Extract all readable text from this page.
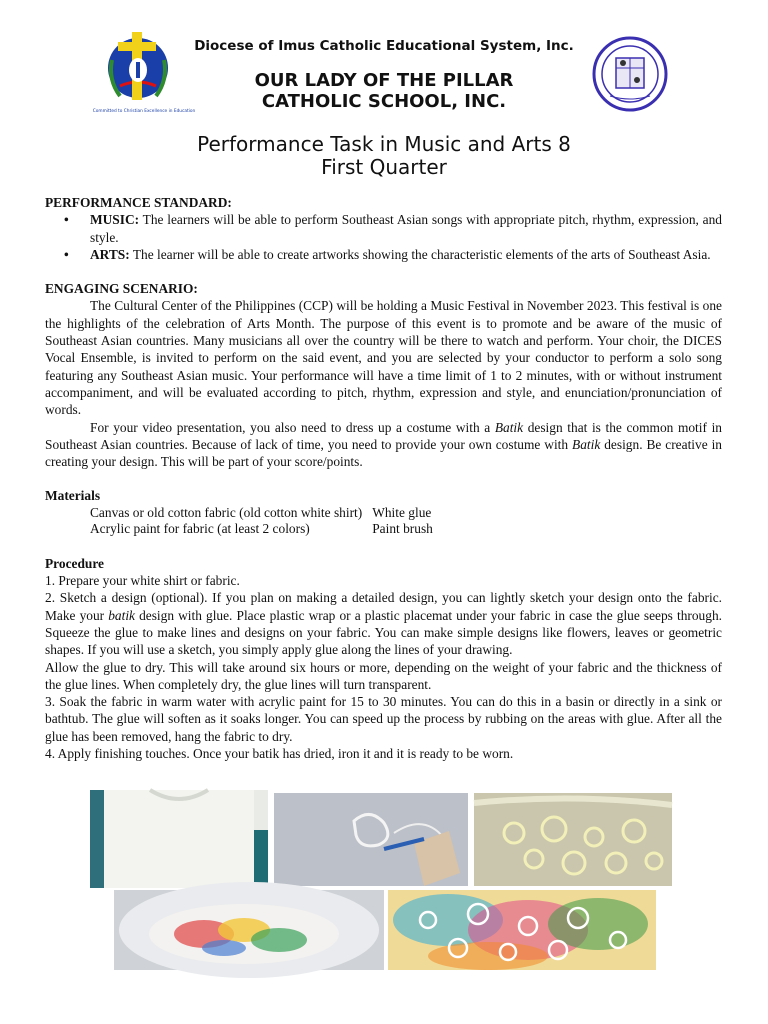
Committed to Christian Excellence in Education
Diocese of Imus Catholic Educational System, Inc.
OUR LADY OF THE PILLAR
CATHOLIC SCHOOL, INC.
Performance Task in Music and Arts 8
First Quarter

PERFORMANCE STANDARD:

• MUSIC: The learners will be able to perform Southeast Asian songs with appropriate pitch, rhythm, expression, and style.
• ARTS: The learner will be able to create artworks showing the characteristic elements of the arts of Southeast Asia.

ENGAGING SCENARIO:

The Cultural Center of the Philippines (CCP) will be holding a Music Festival in November 2023. This festival is one the highlights of the celebration of Arts Month. The purpose of this event is to promote and be aware of the music of Southeast Asian countries. Many musicians all over the country will be there to watch and perform. Your choir, the DICES Vocal Ensemble, is invited to perform on the said event, and you are selected by your conductor to perform a solo song featuring any Southeast Asian music. Your performance will have a time limit of 1 to 2 minutes, with or without instrument accompaniment, and will be evaluated according to pitch, rhythm, expression and style, and enunciation/pronunciation of words.

For your video presentation, you also need to dress up a costume with a Batik design that is the common motif in Southeast Asian countries. Because of lack of time, you need to provide your own costume with Batik design. Be creative in creating your design. This will be part of your score/points.

Materials

Canvas or old cotton fabric (old cotton white shirt)	White glue
Acrylic paint for fabric (at least 2 colors)	Paint brush

Procedure

1. Prepare your white shirt or fabric.

2. Sketch a design (optional). If you plan on making a detailed design, you can lightly sketch your design onto the fabric. Make your batik design with glue. Place plastic wrap or a plastic placemat under your fabric in case the glue seeps through. Squeeze the glue to make lines and designs on your fabric. You can make simple designs like flowers, leaves or geometric shapes. If you will use a sketch, you simply apply glue along the lines of your drawing.

Allow the glue to dry. This will take around six hours or more, depending on the weight of your fabric and the thickness of the glue lines. When completely dry, the glue lines will turn transparent.

3. Soak the fabric in warm water with acrylic paint for 15 to 30 minutes. You can do this in a basin or directly in a sink or bathtub. The glue will soften as it soaks longer. You can speed up the process by rubbing on the areas with glue. After all the glue has been removed, hang the fabric to dry.

4. Apply finishing touches. Once your batik has dried, iron it and it is ready to be worn.
